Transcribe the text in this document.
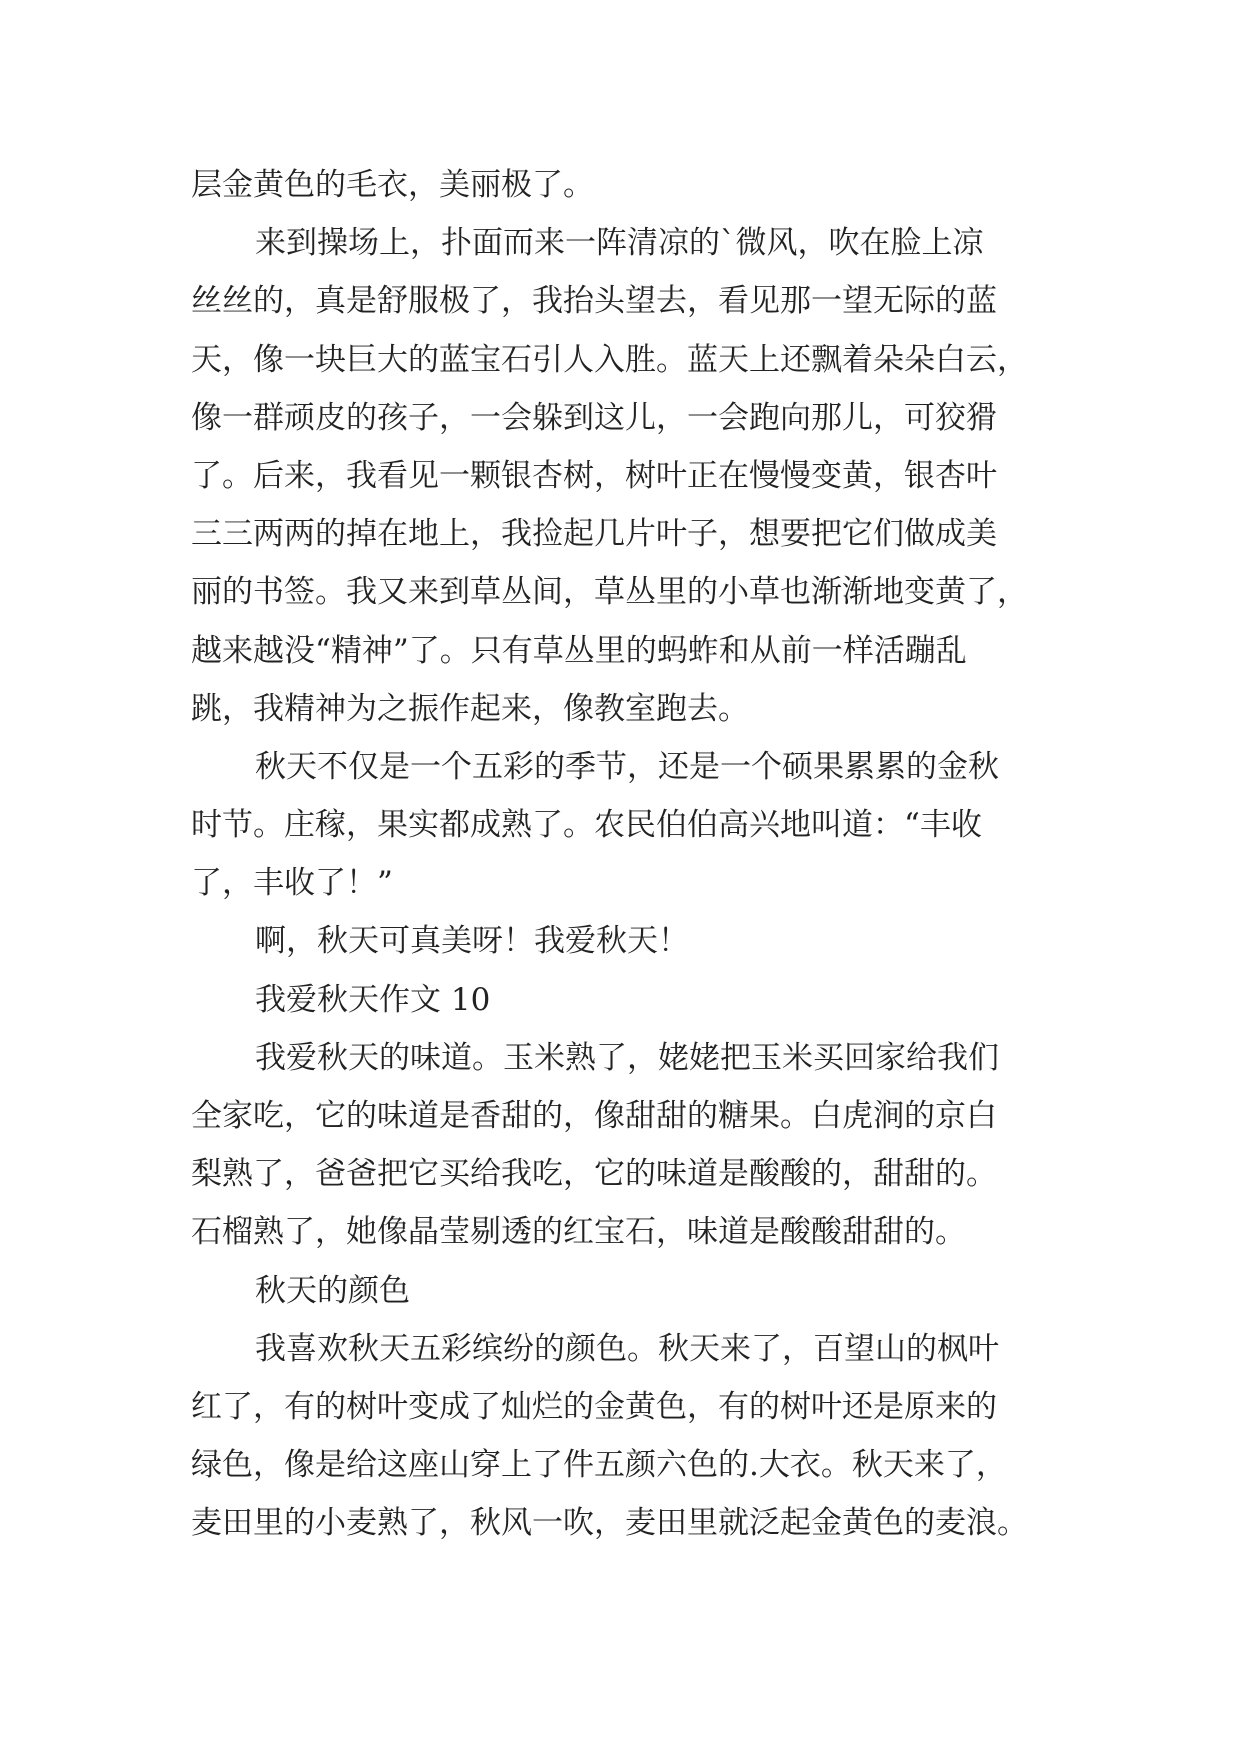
层金黄色的毛衣，美丽极了。
来到操场上，扑面而来一阵清凉的`微风，吹在脸上凉
丝丝的，真是舒服极了，我抬头望去，看见那一望无际的蓝
天，像一块巨大的蓝宝石引人入胜。蓝天上还飘着朵朵白云，
像一群顽皮的孩子，一会躲到这儿，一会跑向那儿，可狡猾
了。后来，我看见一颗银杏树，树叶正在慢慢变黄，银杏叶
三三两两的掉在地上，我捡起几片叶子，想要把它们做成美
丽的书签。我又来到草丛间，草丛里的小草也渐渐地变黄了，
越来越没“精神”了。只有草丛里的蚂蚱和从前一样活蹦乱
跳，我精神为之振作起来，像教室跑去。
秋天不仅是一个五彩的季节，还是一个硕果累累的金秋
时节。庄稼，果实都成熟了。农民伯伯高兴地叫道：“丰收
了，丰收了！”
啊，秋天可真美呀！我爱秋天！
我爱秋天作文 10
我爱秋天的味道。玉米熟了，姥姥把玉米买回家给我们
全家吃，它的味道是香甜的，像甜甜的糖果。白虎涧的京白
梨熟了，爸爸把它买给我吃，它的味道是酸酸的，甜甜的。
石榴熟了，她像晶莹剔透的红宝石，味道是酸酸甜甜的。
秋天的颜色
我喜欢秋天五彩缤纷的颜色。秋天来了，百望山的枫叶
红了，有的树叶变成了灿烂的金黄色，有的树叶还是原来的
绿色，像是给这座山穿上了件五颜六色的.大衣。秋天来了，
麦田里的小麦熟了，秋风一吹，麦田里就泛起金黄色的麦浪。
